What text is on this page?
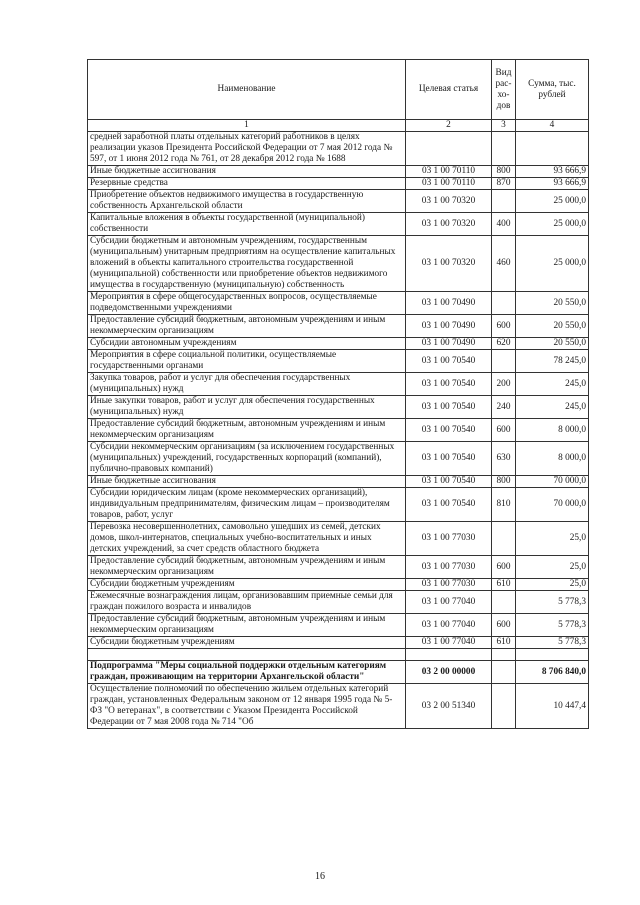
Наименование	Целевая статья	Вид рас- хо- дов	Сумма, тыс. рублей
1	2	3	4
средней заработной платы отдельных категорий работников в целях реализации указов Президента Российской Федерации от 7 мая 2012 года № 597, от 1 июня 2012 года № 761, от 28 декабря 2012 года № 1688			
Иные бюджетные ассигнования	03 1 00 70110	800	93 666,9
Резервные средства	03 1 00 70110	870	93 666,9
Приобретение объектов недвижимого имущества в государственную собственность Архангельской области	03 1 00 70320		25 000,0
Капитальные вложения в объекты государственной (муниципальной) собственности	03 1 00 70320	400	25 000,0
Субсидии бюджетным и автономным учреждениям, государственным (муниципальным) унитарным предприятиям на осуществление капитальных вложений в объекты капитального строительства государственной (муниципальной) собственности или приобретение объектов недвижимого имущества в государственную (муниципальную) собственность	03 1 00 70320	460	25 000,0
Мероприятия в сфере общегосударственных вопросов, осуществляемые подведомственными учреждениями	03 1 00 70490		20 550,0
Предоставление субсидий бюджетным, автономным учреждениям и иным некоммерческим организациям	03 1 00 70490	600	20 550,0
Субсидии автономным учреждениям	03 1 00 70490	620	20 550,0
Мероприятия в сфере социальной политики, осуществляемые государственными органами	03 1 00 70540		78 245,0
Закупка товаров, работ и услуг для обеспечения государственных (муниципальных) нужд	03 1 00 70540	200	245,0
Иные закупки товаров, работ и услуг для обеспечения государственных (муниципальных) нужд	03 1 00 70540	240	245,0
Предоставление субсидий бюджетным, автономным учреждениям и иным некоммерческим организациям	03 1 00 70540	600	8 000,0
Субсидии некоммерческим организациям (за исключением государственных (муниципальных) учреждений, государственных корпораций (компаний), публично-правовых компаний)	03 1 00 70540	630	8 000,0
Иные бюджетные ассигнования	03 1 00 70540	800	70 000,0
Субсидии юридическим лицам (кроме некоммерческих организаций), индивидуальным предпринимателям, физическим лицам – производителям товаров, работ, услуг	03 1 00 70540	810	70 000,0
Перевозка несовершеннолетних, самовольно ушедших из семей, детских домов, школ-интернатов, специальных учебно-воспитательных и иных детских учреждений, за счет средств областного бюджета	03 1 00 77030		25,0
Предоставление субсидий бюджетным, автономным учреждениям и иным некоммерческим организациям	03 1 00 77030	600	25,0
Субсидии бюджетным учреждениям	03 1 00 77030	610	25,0
Ежемесячные вознаграждения лицам, организовавшим приемные семьи для граждан пожилого возраста и инвалидов	03 1 00 77040		5 778,3
Предоставление субсидий бюджетным, автономным учреждениям и иным некоммерческим организациям	03 1 00 77040	600	5 778,3
Субсидии бюджетным учреждениям	03 1 00 77040	610	5 778,3

Подпрограмма "Меры социальной поддержки отдельным категориям граждан, проживающим на территории Архангельской области"	03 2 00 00000		8 706 840,0
Осуществление полномочий по обеспечению жильем отдельных категорий граждан, установленных Федеральным законом от 12 января 1995 года № 5-ФЗ "О ветеранах", в соответствии с Указом Президента Российской Федерации от 7 мая 2008 года № 714 "Об	03 2 00 51340		10 447,4
16
